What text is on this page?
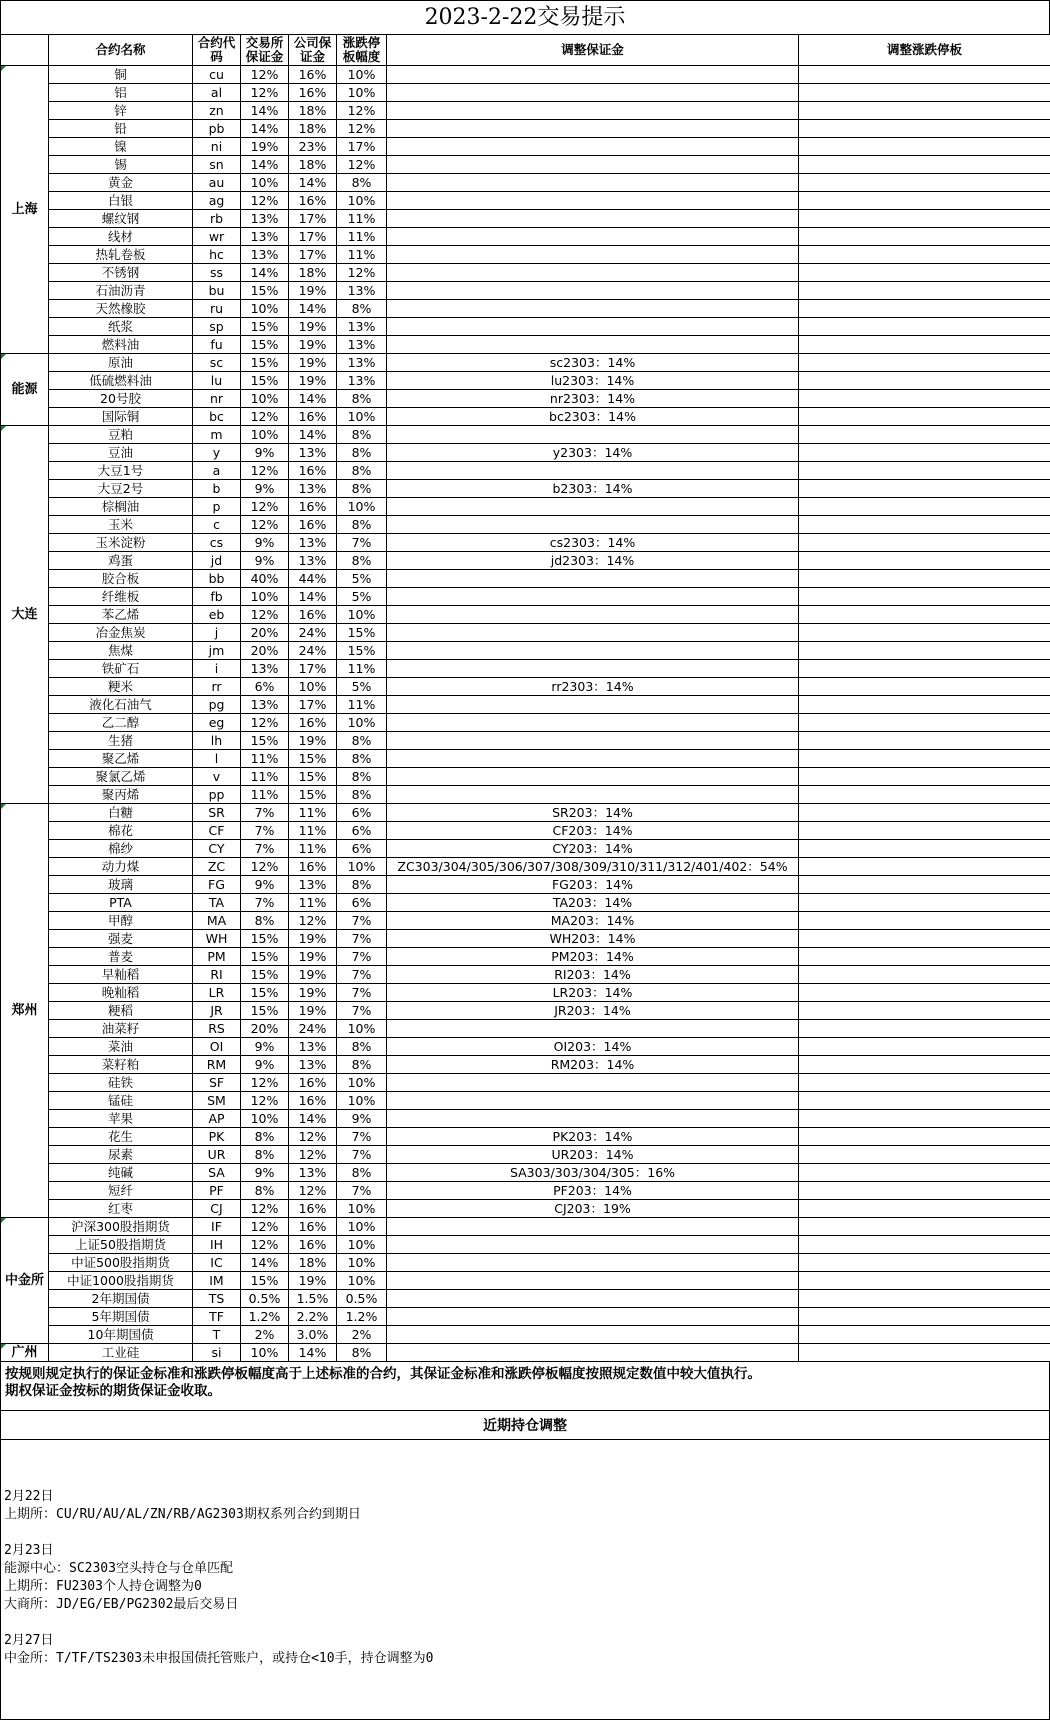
2023-2-22交易提示
	合约名称	合约代码	交易所保证金	公司保证金	涨跌停板幅度	调整保证金	调整涨跌停板
上海	铜	cu	12%	16%	10%		
	铝	al	12%	16%	10%		
	锌	zn	14%	18%	12%		
	铅	pb	14%	18%	12%		
	镍	ni	19%	23%	17%		
	锡	sn	14%	18%	12%		
	黄金	au	10%	14%	8%		
	白银	ag	12%	16%	10%		
	螺纹钢	rb	13%	17%	11%		
	线材	wr	13%	17%	11%		
	热轧卷板	hc	13%	17%	11%		
	不锈钢	ss	14%	18%	12%		
	石油沥青	bu	15%	19%	13%		
	天然橡胶	ru	10%	14%	8%		
	纸浆	sp	15%	19%	13%		
	燃料油	fu	15%	19%	13%		
能源	原油	sc	15%	19%	13%	sc2303：14%	
	低硫燃料油	lu	15%	19%	13%	lu2303：14%	
	20号胶	nr	10%	14%	8%	nr2303：14%	
	国际铜	bc	12%	16%	10%	bc2303：14%	
大连	豆粕	m	10%	14%	8%		
	豆油	y	9%	13%	8%	y2303：14%	
	大豆1号	a	12%	16%	8%		
	大豆2号	b	9%	13%	8%	b2303：14%	
	棕榈油	p	12%	16%	10%		
	玉米	c	12%	16%	8%		
	玉米淀粉	cs	9%	13%	7%	cs2303：14%	
	鸡蛋	jd	9%	13%	8%	jd2303：14%	
	胶合板	bb	40%	44%	5%		
	纤维板	fb	10%	14%	5%		
	苯乙烯	eb	12%	16%	10%		
	冶金焦炭	j	20%	24%	15%		
	焦煤	jm	20%	24%	15%		
	铁矿石	i	13%	17%	11%		
	粳米	rr	6%	10%	5%	rr2303：14%	
	液化石油气	pg	13%	17%	11%		
	乙二醇	eg	12%	16%	10%		
	生猪	lh	15%	19%	8%		
	聚乙烯	l	11%	15%	8%		
	聚氯乙烯	v	11%	15%	8%		
	聚丙烯	pp	11%	15%	8%		
郑州	白糖	SR	7%	11%	6%	SR203：14%	
	棉花	CF	7%	11%	6%	CF203：14%	
	棉纱	CY	7%	11%	6%	CY203：14%	
	动力煤	ZC	12%	16%	10%	ZC303/304/305/306/307/308/309/310/311/312/401/402：54%	
	玻璃	FG	9%	13%	8%	FG203：14%	
	PTA	TA	7%	11%	6%	TA203：14%	
	甲醇	MA	8%	12%	7%	MA203：14%	
	强麦	WH	15%	19%	7%	WH203：14%	
	普麦	PM	15%	19%	7%	PM203：14%	
	早籼稻	RI	15%	19%	7%	RI203：14%	
	晚籼稻	LR	15%	19%	7%	LR203：14%	
	粳稻	JR	15%	19%	7%	JR203：14%	
	油菜籽	RS	20%	24%	10%		
	菜油	OI	9%	13%	8%	OI203：14%	
	菜籽粕	RM	9%	13%	8%	RM203：14%	
	硅铁	SF	12%	16%	10%		
	锰硅	SM	12%	16%	10%		
	苹果	AP	10%	14%	9%		
	花生	PK	8%	12%	7%	PK203：14%	
	尿素	UR	8%	12%	7%	UR203：14%	
	纯碱	SA	9%	13%	8%	SA303/303/304/305：16%	
	短纤	PF	8%	12%	7%	PF203：14%	
	红枣	CJ	12%	16%	10%	CJ203：19%	
中金所	沪深300股指期货	IF	12%	16%	10%		
	上证50股指期货	IH	12%	16%	10%		
	中证500股指期货	IC	14%	18%	10%		
	中证1000股指期货	IM	15%	19%	10%		
	2年期国债	TS	0.5%	1.5%	0.5%		
	5年期国债	TF	1.2%	2.2%	1.2%		
	10年期国债	T	2%	3.0%	2%		
广州	工业硅	si	10%	14%	8%		
按规则规定执行的保证金标准和涨跌停板幅度高于上述标准的合约，其保证金标准和涨跌停板幅度按照规定数值中较大值执行。
期权保证金按标的期货保证金收取。
近期持仓调整
2月22日
上期所：CU/RU/AU/AL/ZN/RB/AG2303期权系列合约到期日
2月23日
能源中心：SC2303空头持仓与仓单匹配
上期所：FU2303个人持仓调整为0
大商所：JD/EG/EB/PG2302最后交易日
2月27日
中金所：T/TF/TS2303未申报国债托管账户，或持仓<10手，持仓调整为0
